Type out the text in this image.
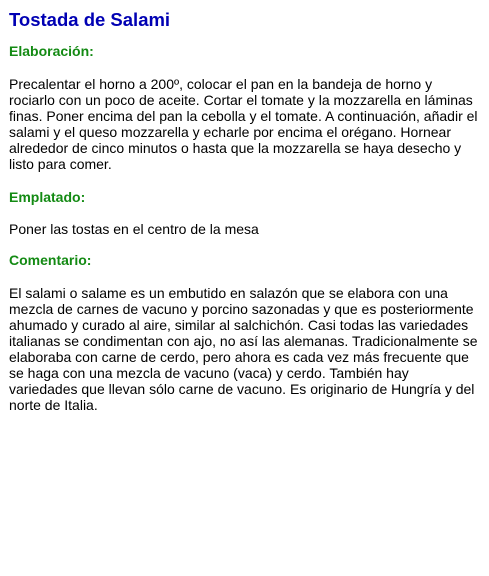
Tostada de Salami
Elaboración:

Precalentar el horno a 200º, colocar el pan en la bandeja de horno y rociarlo con un poco de aceite. Cortar el tomate y la mozzarella en láminas finas. Poner encima del pan la cebolla y el tomate. A continuación, añadir el salami y el queso mozzarella y echarle por encima el orégano. Hornear alrededor de cinco minutos o hasta que la mozzarella se haya desecho y listo para comer.

Emplatado:

Poner las tostas en el centro de la mesa

Comentario:

El salami o salame es un embutido en salazón que se elabora con una mezcla de carnes de vacuno y porcino sazonadas y que es posteriormente ahumado y curado al aire, similar al salchichón. Casi todas las variedades italianas se condimentan con ajo, no así las alemanas. Tradicionalmente se elaboraba con carne de cerdo, pero ahora es cada vez más frecuente que se haga con una mezcla de vacuno (vaca) y cerdo. También hay variedades que llevan sólo carne de vacuno. Es originario de Hungría y del norte de Italia.
